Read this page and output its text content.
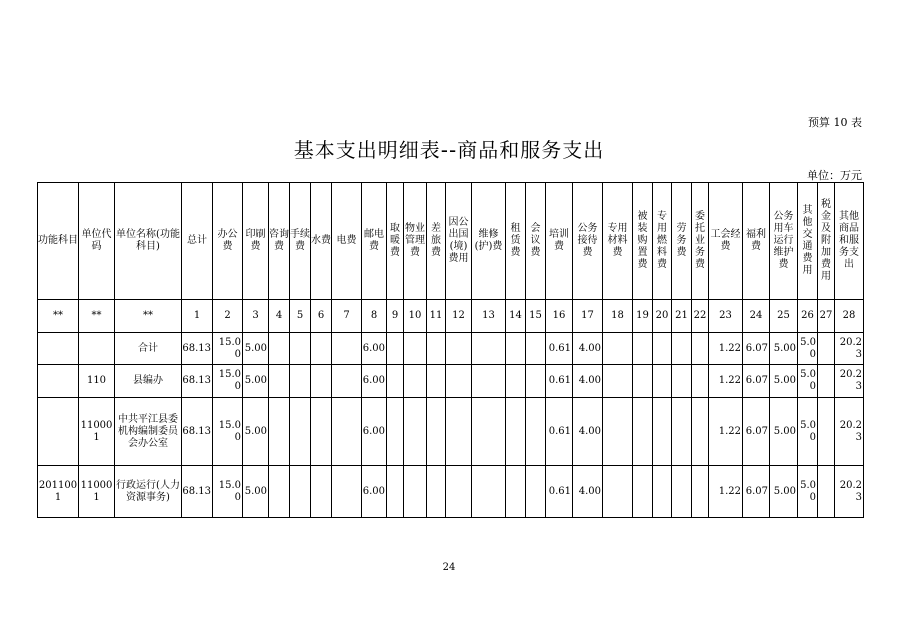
预算 10 表
基本支出明细表--商品和服务支出
单位：万元
功能科目	单位代码	单位名称(功能科目)	总计	办公费	印刷费	咨询费	手续费	水费	电费	邮电费	取暖费	物业管理费	差旅费	因公出国(境)费用	维修(护)费	租赁费	会议费	培训费	公务接待费	专用材料费	被装购置费	专用燃料费	劳务费	委托业务费	工会经费	福利费	公务用车运行维护费	其他交通费用	税金及附加费用	其他商品和服务支出
**	**	**	1	2	3	4	5	6	7	8	9	10	11	12	13	14	15	16	17	18	19	20	21	22	23	24	25	26	27	28
		合计	68.13	15.00	5.00					6.00								0.61	4.00						1.22	6.07	5.00	5.00		20.23
	110	县编办	68.13	15.00	5.00					6.00								0.61	4.00						1.22	6.07	5.00	5.00		20.23
	110001	中共平江县委机构编制委员会办公室	68.13	15.00	5.00					6.00								0.61	4.00						1.22	6.07	5.00	5.00		20.23
2011001	110001	行政运行(人力资源事务)	68.13	15.00	5.00					6.00								0.61	4.00						1.22	6.07	5.00	5.00		20.23
24
